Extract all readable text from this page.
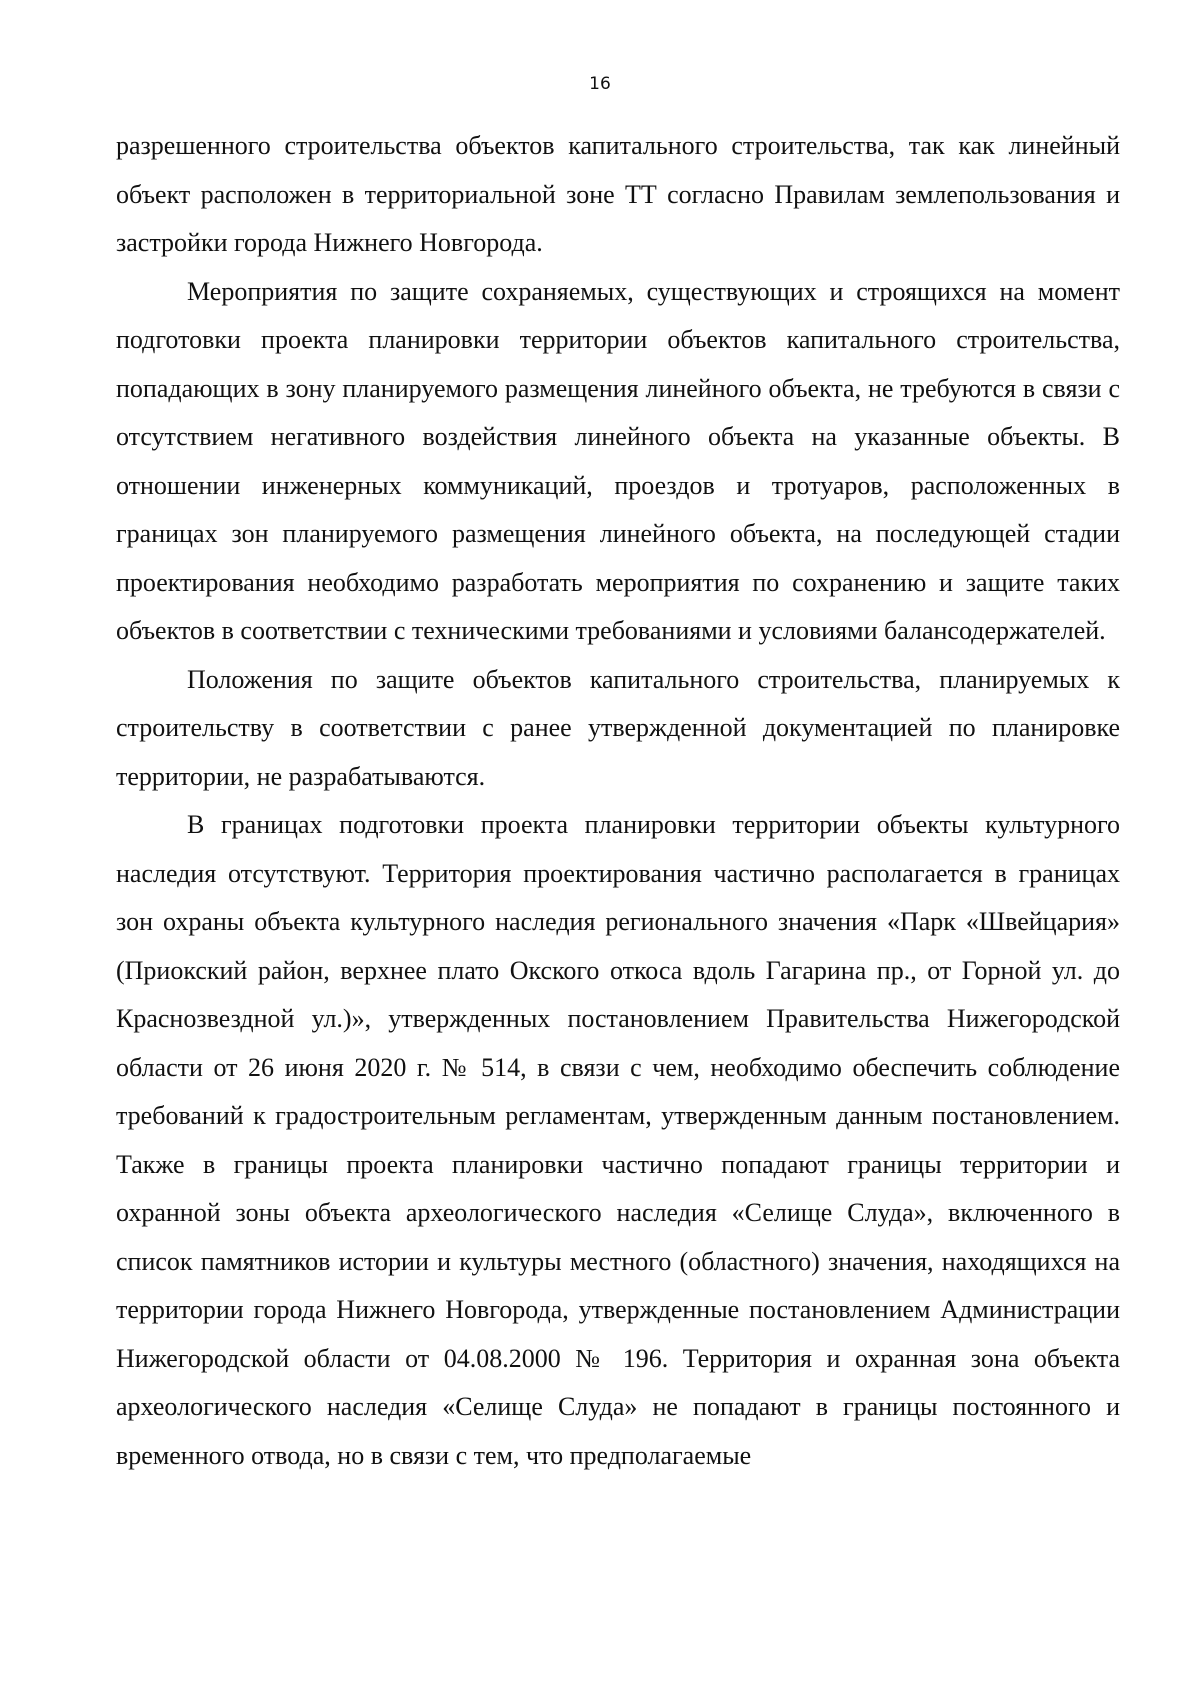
16

разрешенного строительства объектов капитального строительства, так как линейный объект расположен в территориальной зоне ТТ согласно Правилам землепользования и застройки города Нижнего Новгорода.

Мероприятия по защите сохраняемых, существующих и строящихся на момент подготовки проекта планировки территории объектов капитального строительства, попадающих в зону планируемого размещения линейного объекта, не требуются в связи с отсутствием негативного воздействия линейного объекта на указанные объекты. В отношении инженерных коммуникаций, проездов и тротуаров, расположенных в границах зон планируемого размещения линейного объекта, на последующей стадии проектирования необходимо разработать мероприятия по сохранению и защите таких объектов в соответствии с техническими требованиями и условиями балансодержателей.

Положения по защите объектов капитального строительства, планируемых к строительству в соответствии с ранее утвержденной документацией по планировке территории, не разрабатываются.

В границах подготовки проекта планировки территории объекты культурного наследия отсутствуют. Территория проектирования частично располагается в границах зон охраны объекта культурного наследия регионального значения «Парк «Швейцария» (Приокский район, верхнее плато Окского откоса вдоль Гагарина пр., от Горной ул. до Краснозвездной ул.)», утвержденных постановлением Правительства Нижегородской области от 26 июня 2020 г. № 514, в связи с чем, необходимо обеспечить соблюдение требований к градостроительным регламентам, утвержденным данным постановлением. Также в границы проекта планировки частично попадают границы территории и охранной зоны объекта археологического наследия «Селище Слуда», включенного в список памятников истории и культуры местного (областного) значения, находящихся на территории города Нижнего Новгорода, утвержденные постановлением Администрации Нижегородской области от 04.08.2000 № 196. Территория и охранная зона объекта археологического наследия «Селище Слуда» не попадают в границы постоянного и временного отвода, но в связи с тем, что предполагаемые
